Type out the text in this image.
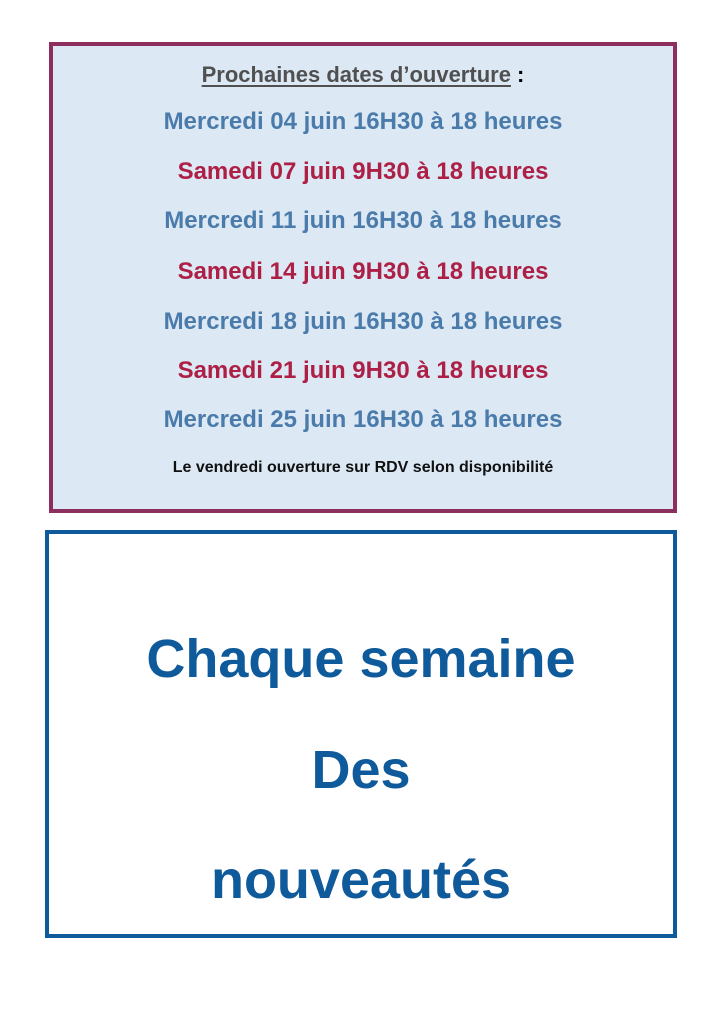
Prochaines dates d’ouverture :
Mercredi 04 juin 16H30 à 18 heures
Samedi 07 juin 9H30 à 18 heures
Mercredi 11 juin 16H30 à 18 heures
Samedi 14 juin 9H30 à 18 heures
Mercredi 18 juin 16H30 à 18 heures
Samedi 21 juin 9H30 à 18 heures
Mercredi 25 juin 16H30 à 18 heures
Le vendredi ouverture sur RDV selon disponibilité
Chaque semaine
Des
nouveautés
